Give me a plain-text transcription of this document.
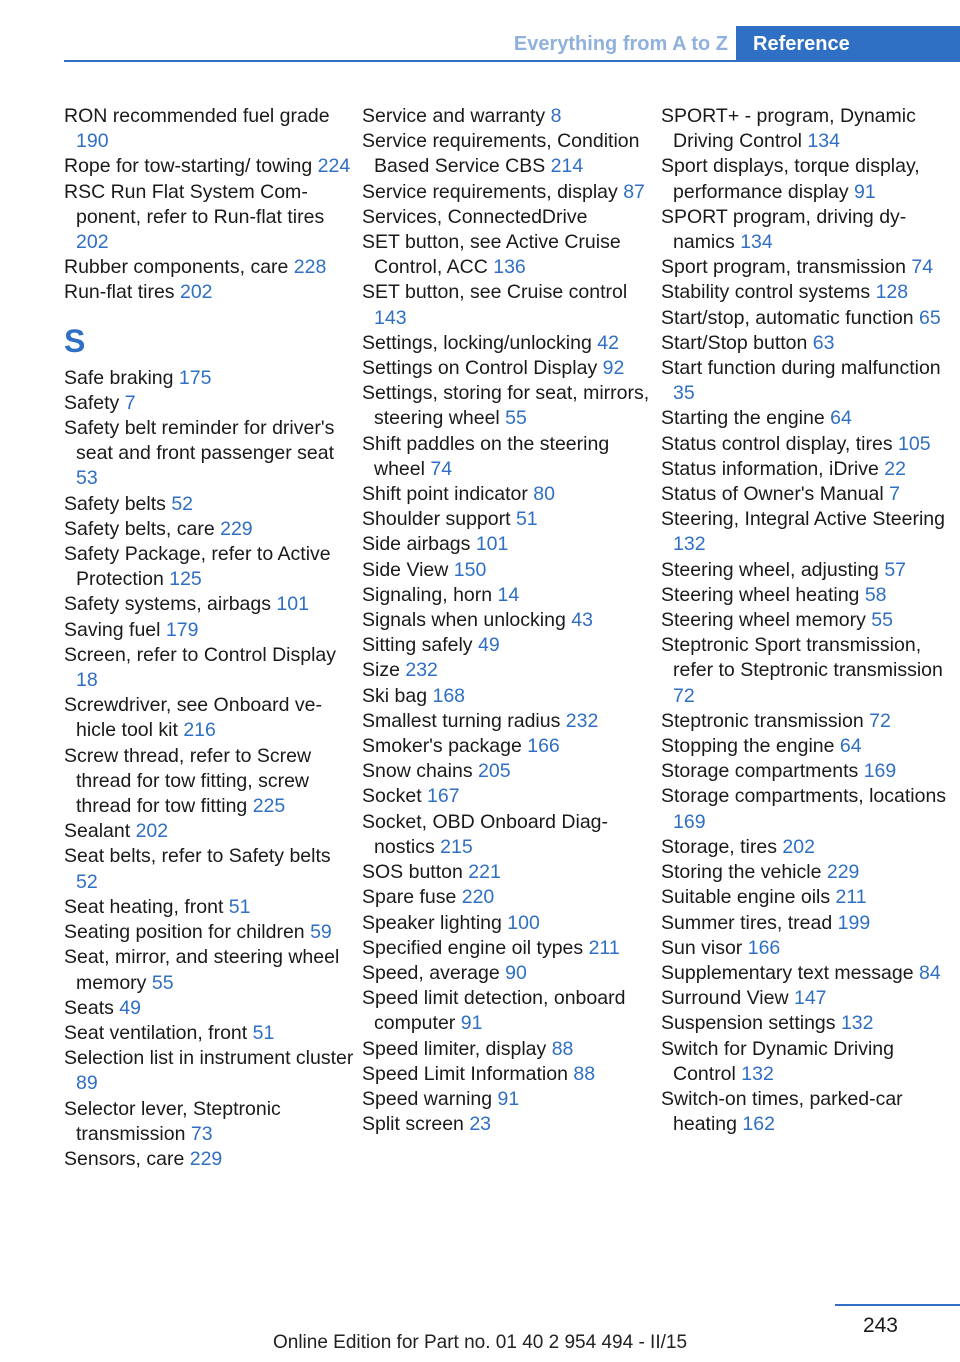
Everything from A to Z	Reference
RON recommended fuel grade 190
Rope for tow-starting/ towing 224
RSC Run Flat System Component, refer to Run-flat tires 202
Rubber components, care 228
Run-flat tires 202
S
Safe braking 175
Safety 7
Safety belt reminder for driver's seat and front passenger seat 53
Safety belts 52
Safety belts, care 229
Safety Package, refer to Active Protection 125
Safety systems, airbags 101
Saving fuel 179
Screen, refer to Control Display 18
Screwdriver, see Onboard vehicle tool kit 216
Screw thread, refer to Screw thread for tow fitting, screw thread for tow fitting 225
Sealant 202
Seat belts, refer to Safety belts 52
Seat heating, front 51
Seating position for children 59
Seat, mirror, and steering wheel memory 55
Seats 49
Seat ventilation, front 51
Selection list in instrument cluster 89
Selector lever, Steptronic transmission 73
Sensors, care 229
Service and warranty 8
Service requirements, Condition Based Service CBS 214
Service requirements, display 87
Services, ConnectedDrive
SET button, see Active Cruise Control, ACC 136
SET button, see Cruise control 143
Settings, locking/unlocking 42
Settings on Control Display 92
Settings, storing for seat, mirrors, steering wheel 55
Shift paddles on the steering wheel 74
Shift point indicator 80
Shoulder support 51
Side airbags 101
Side View 150
Signaling, horn 14
Signals when unlocking 43
Sitting safely 49
Size 232
Ski bag 168
Smallest turning radius 232
Smoker's package 166
Snow chains 205
Socket 167
Socket, OBD Onboard Diagnostics 215
SOS button 221
Spare fuse 220
Speaker lighting 100
Specified engine oil types 211
Speed, average 90
Speed limit detection, onboard computer 91
Speed limiter, display 88
Speed Limit Information 88
Speed warning 91
Split screen 23
SPORT+ - program, Dynamic Driving Control 134
Sport displays, torque display, performance display 91
SPORT program, driving dynamics 134
Sport program, transmission 74
Stability control systems 128
Start/stop, automatic function 65
Start/Stop button 63
Start function during malfunction 35
Starting the engine 64
Status control display, tires 105
Status information, iDrive 22
Status of Owner's Manual 7
Steering, Integral Active Steering 132
Steering wheel, adjusting 57
Steering wheel heating 58
Steering wheel memory 55
Steptronic Sport transmission, refer to Steptronic transmission 72
Steptronic transmission 72
Stopping the engine 64
Storage compartments 169
Storage compartments, locations 169
Storage, tires 202
Storing the vehicle 229
Suitable engine oils 211
Summer tires, tread 199
Sun visor 166
Supplementary text message 84
Surround View 147
Suspension settings 132
Switch for Dynamic Driving Control 132
Switch-on times, parked-car heating 162
243
Online Edition for Part no. 01 40 2 954 494 - II/15
